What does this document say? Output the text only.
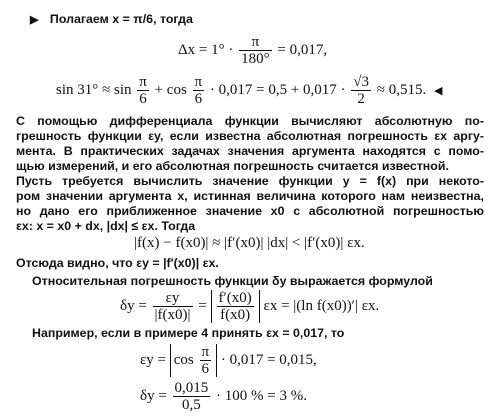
▶ Полагаем x = π/6, тогда
$\Delta x = 1^\circ \cdot \frac{\pi}{180^\circ} = 0,017$,
$\sin 31^\circ \approx \sin \frac{\pi}{6} + \cos \frac{\pi}{6} \cdot 0,017 = 0,5 + 0,017 \cdot \frac{√3}{2} \approx 0,515$. ◀
С помощью дифференциала функции вычисляют абсолютную по-
грешность функции εy, если известна абсолютная погрешность εx аргу-
мента. В практических задачах значения аргумента находятся с помо-
щью измерений, и его абсолютная погрешность считается известной.
Пусть требуется вычислить значение функции y = f(x) при некото-
ром значении аргумента x, истинная величина которого нам неизвестна,
но дано его приближенное значение x0 с абсолютной погрешностью
εx: x = x0 + dx, |dx| ≤ εx. Тогда
|f(x) − f(x0)| ≈ |f′(x0)| |dx| < |f′(x0)| εx.
Отсюда видно, что εy = |f′(x0)| εx.
Относительная погрешность функции δy выражается формулой
$\delta y = \frac{\varepsilon y}{|f(x0)|} = \frac{f'(x0)}{f(x0)}$ εx = |(ln f(x0))′| εx.
Например, если в примере 4 принять εx = 0,017, то
$\varepsilon y = \cos \frac{\pi}{6} \cdot 0,017 = 0,015$,
$\delta y = \frac{0,015}{0,5} \cdot 100$ % = 3 %.
